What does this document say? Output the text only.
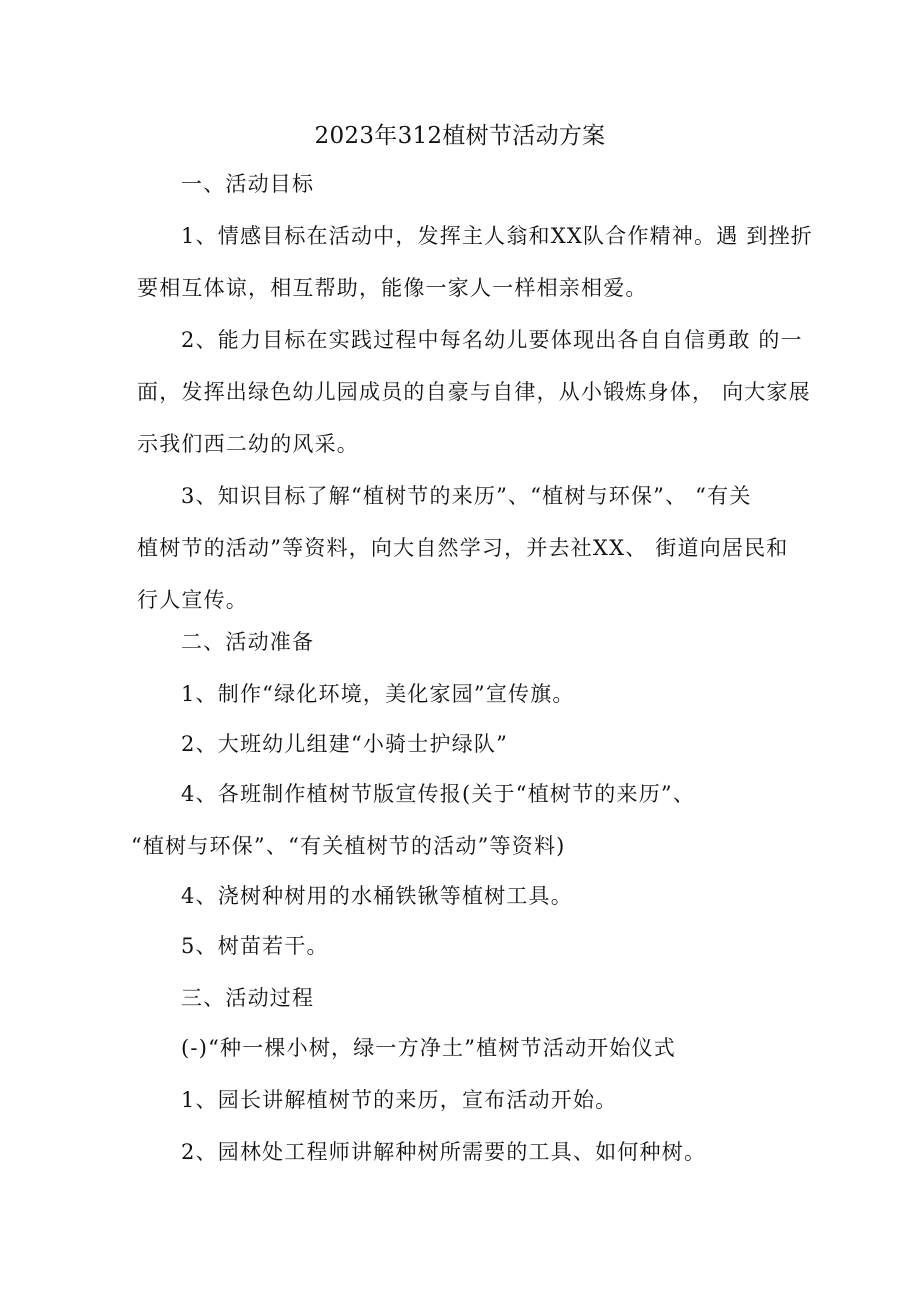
2023年312植树节活动方案
一、活动目标
1、情感目标在活动中，发挥主人翁和XX队合作精神。遇 到挫折
要相互体谅，相互帮助，能像一家人一样相亲相爱。
2、能力目标在实践过程中每名幼儿要体现出各自自信勇敢 的一
面，发挥出绿色幼儿园成员的自豪与自律，从小锻炼身体， 向大家展
示我们西二幼的风采。
3、知识目标了解“植树节的来历”、“植树与环保”、 “有关
植树节的活动”等资料，向大自然学习，并去社XX、 街道向居民和
行人宣传。
二、活动准备
1、制作“绿化环境，美化家园”宣传旗。
2、大班幼儿组建“小骑士护绿队”
4、各班制作植树节版宣传报(关于“植树节的来历”、
“植树与环保”、“有关植树节的活动”等资料)
4、浇树种树用的水桶铁锹等植树工具。
5、树苗若干。
三、活动过程
(-)“种一棵小树，绿一方净土”植树节活动开始仪式
1、园长讲解植树节的来历，宣布活动开始。
2、园林处工程师讲解种树所需要的工具、如何种树。
